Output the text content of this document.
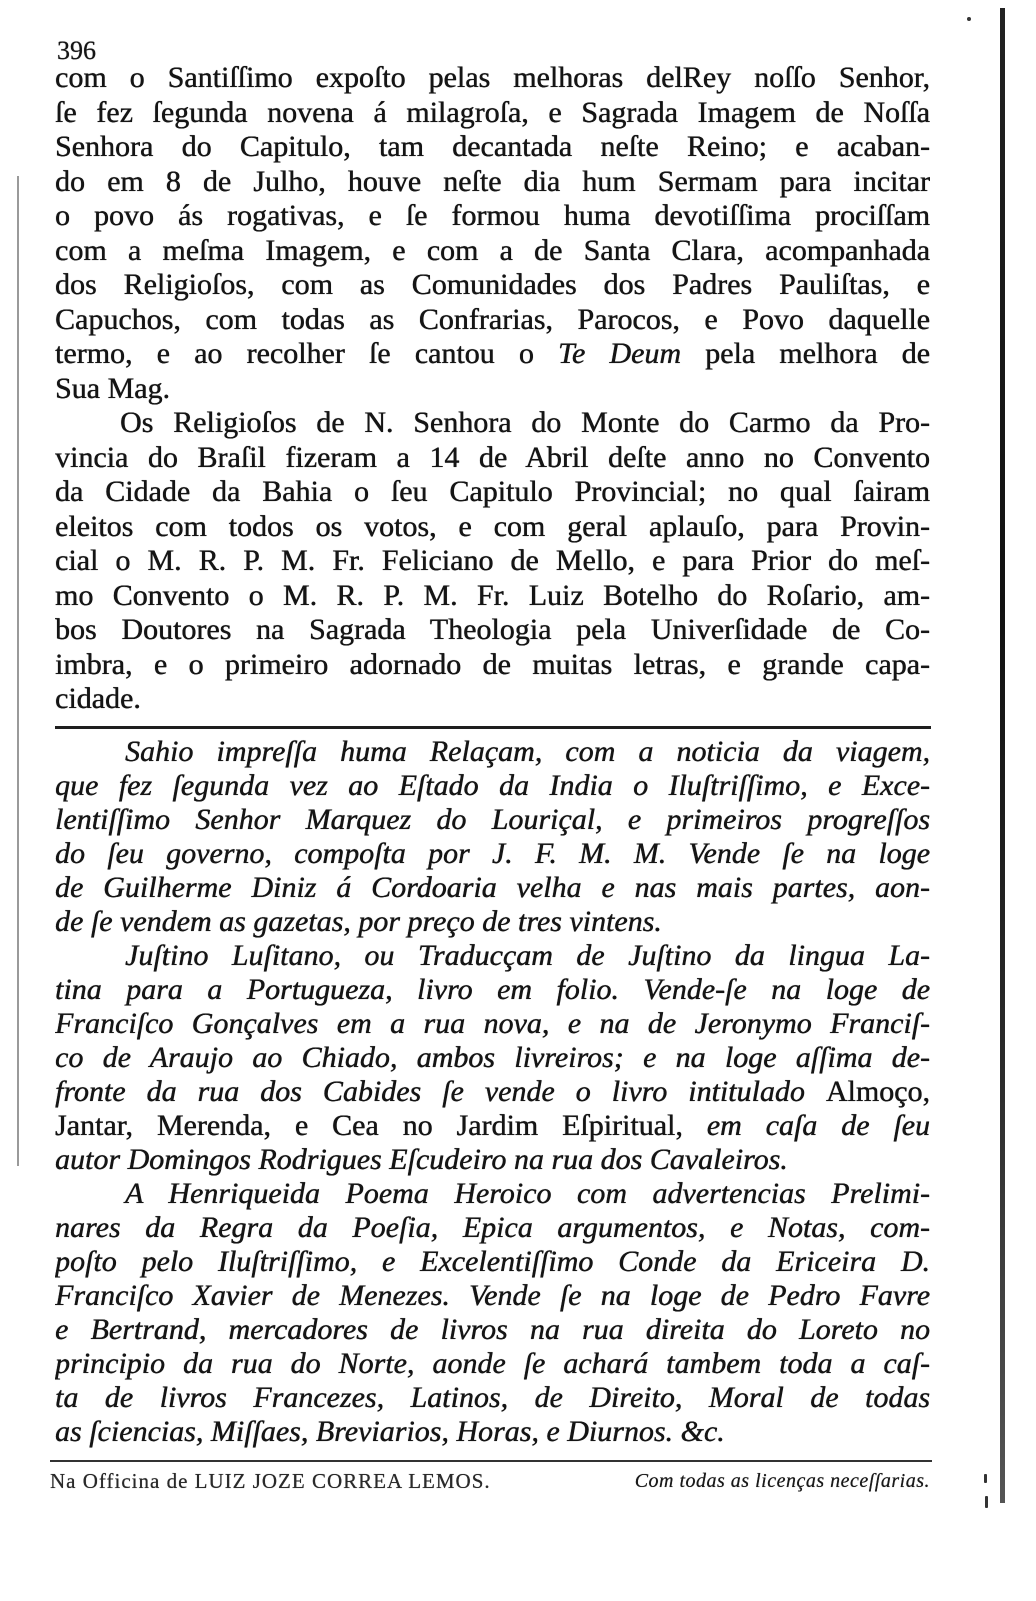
396
com o Santiſſimo expoſto pelas melhoras delRey noſſo Senhor,
ſe fez ſegunda novena á milagroſa, e Sagrada Imagem de Noſſa
Senhora do Capitulo, tam decantada neſte Reino; e acaban-
do em 8 de Julho, houve neſte dia hum Sermam para incitar
o povo ás rogativas, e ſe formou huma devotiſſima prociſſam
com a meſma Imagem, e com a de Santa Clara, acompanhada
dos Religioſos, com as Comunidades dos Padres Pauliſtas, e
Capuchos, com todas as Confrarias, Parocos, e Povo daquelle
termo, e ao recolher ſe cantou o Te Deum pela melhora de
Sua Mag.
Os Religioſos de N. Senhora do Monte do Carmo da Pro-
vincia do Braſil fizeram a 14 de Abril deſte anno no Convento
da Cidade da Bahia o ſeu Capitulo Provincial; no qual ſairam
eleitos com todos os votos, e com geral aplauſo, para Provin-
cial o M. R. P. M. Fr. Feliciano de Mello, e para Prior do meſ-
mo Convento o M. R. P. M. Fr. Luiz Botelho do Roſario, am-
bos Doutores na Sagrada Theologia pela Univerſidade de Co-
imbra, e o primeiro adornado de muitas letras, e grande capa-
cidade.
Sahio impreſſa huma Relaçam, com a noticia da viagem,
que fez ſegunda vez ao Eſtado da India o Iluſtriſſimo, e Exce-
lentiſſimo Senhor Marquez do Louriçal, e primeiros progreſſos
do ſeu governo, compoſta por J. F. M. M. Vende ſe na loge
de Guilherme Diniz á Cordoaria velha e nas mais partes, aon-
de ſe vendem as gazetas, por preço de tres vintens.
Juſtino Luſitano, ou Traducçam de Juſtino da lingua La-
tina para a Portugueza, livro em folio. Vende-ſe na loge de
Franciſco Gonçalves em a rua nova, e na de Jeronymo Franciſ-
co de Araujo ao Chiado, ambos livreiros; e na loge aſſima de-
fronte da rua dos Cabides ſe vende o livro intitulado Almoço,
Jantar, Merenda, e Cea no Jardim Eſpiritual, em caſa de ſeu
autor Domingos Rodrigues Eſcudeiro na rua dos Cavaleiros.
A Henriqueida Poema Heroico com advertencias Prelimi-
nares da Regra da Poeſia, Epica argumentos, e Notas, com-
poſto pelo Iluſtriſſimo, e Excelentiſſimo Conde da Ericeira D.
Franciſco Xavier de Menezes. Vende ſe na loge de Pedro Favre
e Bertrand, mercadores de livros na rua direita do Loreto no
principio da rua do Norte, aonde ſe achará tambem toda a caſ-
ta de livros Francezes, Latinos, de Direito, Moral de todas
as ſciencias, Miſſaes, Breviarios, Horas, e Diurnos. &c.
Na Officina de LUIZ JOZE CORREA LEMOS.	Com todas as licenças neceſſarias.
